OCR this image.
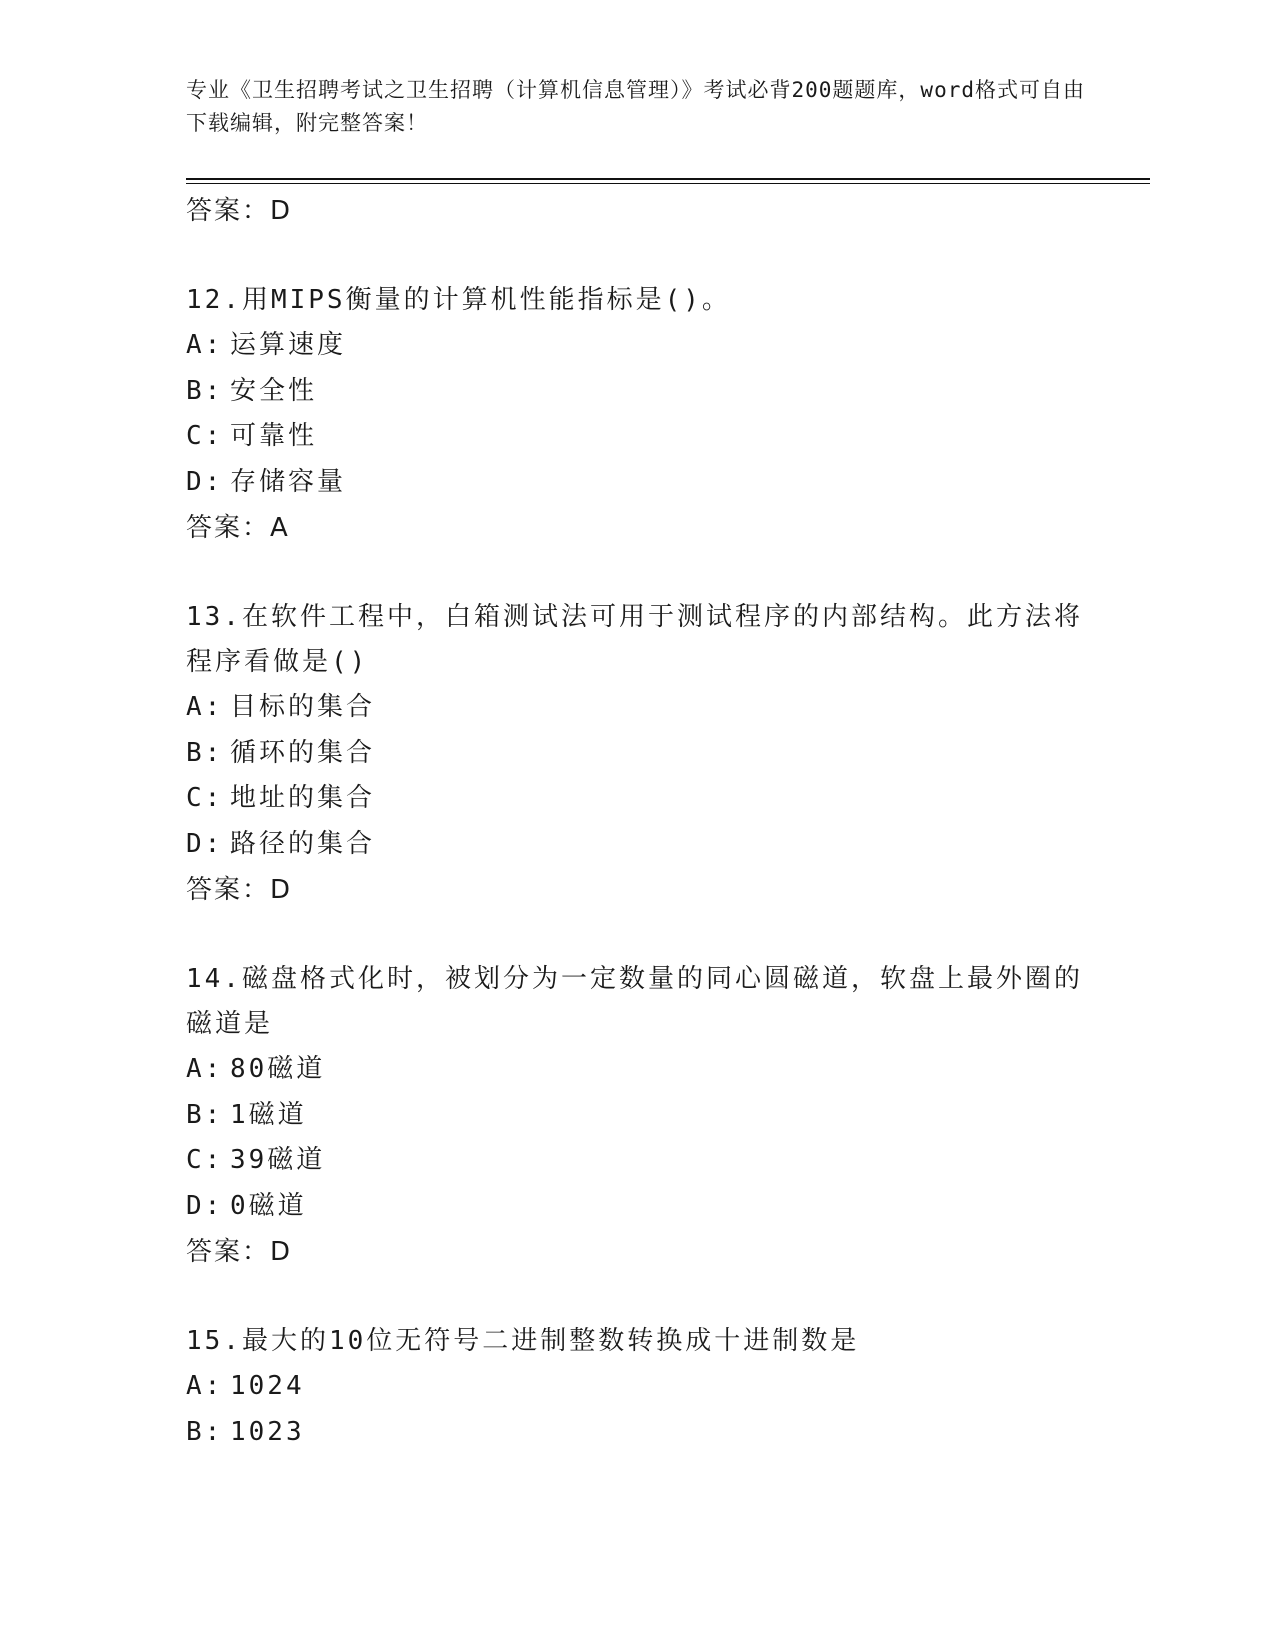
专业《卫生招聘考试之卫生招聘（计算机信息管理）》考试必背200题题库，word格式可自由下载编辑，附完整答案！
答案：D
12.用MIPS衡量的计算机性能指标是()。
A: 运算速度
B: 安全性
C: 可靠性
D: 存储容量
答案：A
13.在软件工程中，白箱测试法可用于测试程序的内部结构。此方法将程序看做是()
A: 目标的集合
B: 循环的集合
C: 地址的集合
D: 路径的集合
答案：D
14.磁盘格式化时，被划分为一定数量的同心圆磁道，软盘上最外圈的磁道是
A: 80磁道
B: 1磁道
C: 39磁道
D: 0磁道
答案：D
15.最大的10位无符号二进制整数转换成十进制数是
A: 1024
B: 1023
